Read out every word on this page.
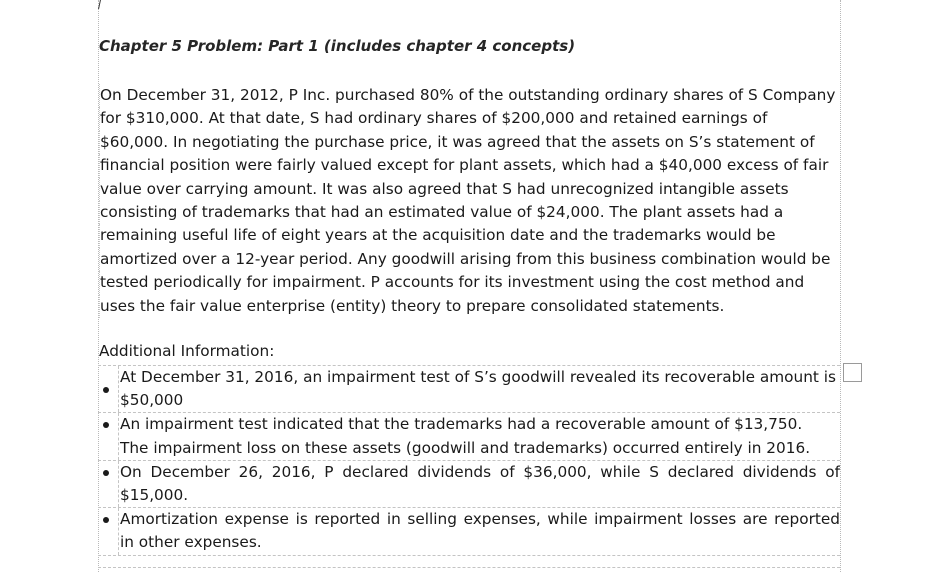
Chapter 5 Problem: Part 1 (includes chapter 4 concepts)
On December 31, 2012, P Inc. purchased 80% of the outstanding ordinary shares of S Company
for $310,000. At that date, S had ordinary shares of $200,000 and retained earnings of
$60,000. In negotiating the purchase price, it was agreed that the assets on S’s statement of
financial position were fairly valued except for plant assets, which had a $40,000 excess of fair
value over carrying amount. It was also agreed that S had unrecognized intangible assets
consisting of trademarks that had an estimated value of $24,000. The plant assets had a
remaining useful life of eight years at the acquisition date and the trademarks would be
amortized over a 12-year period. Any goodwill arising from this business combination would be
tested periodically for impairment. P accounts for its investment using the cost method and
uses the fair value enterprise (entity) theory to prepare consolidated statements.
Additional Information:
At December 31, 2016, an impairment test of S’s goodwill revealed its recoverable amount is
$50,000
An impairment test indicated that the trademarks had a recoverable amount of $13,750.
The impairment loss on these assets (goodwill and trademarks) occurred entirely in 2016.
On December 26, 2016, P declared dividends of $36,000, while S declared dividends of
$15,000.
Amortization expense is reported in selling expenses, while impairment losses are reported
in other expenses.
